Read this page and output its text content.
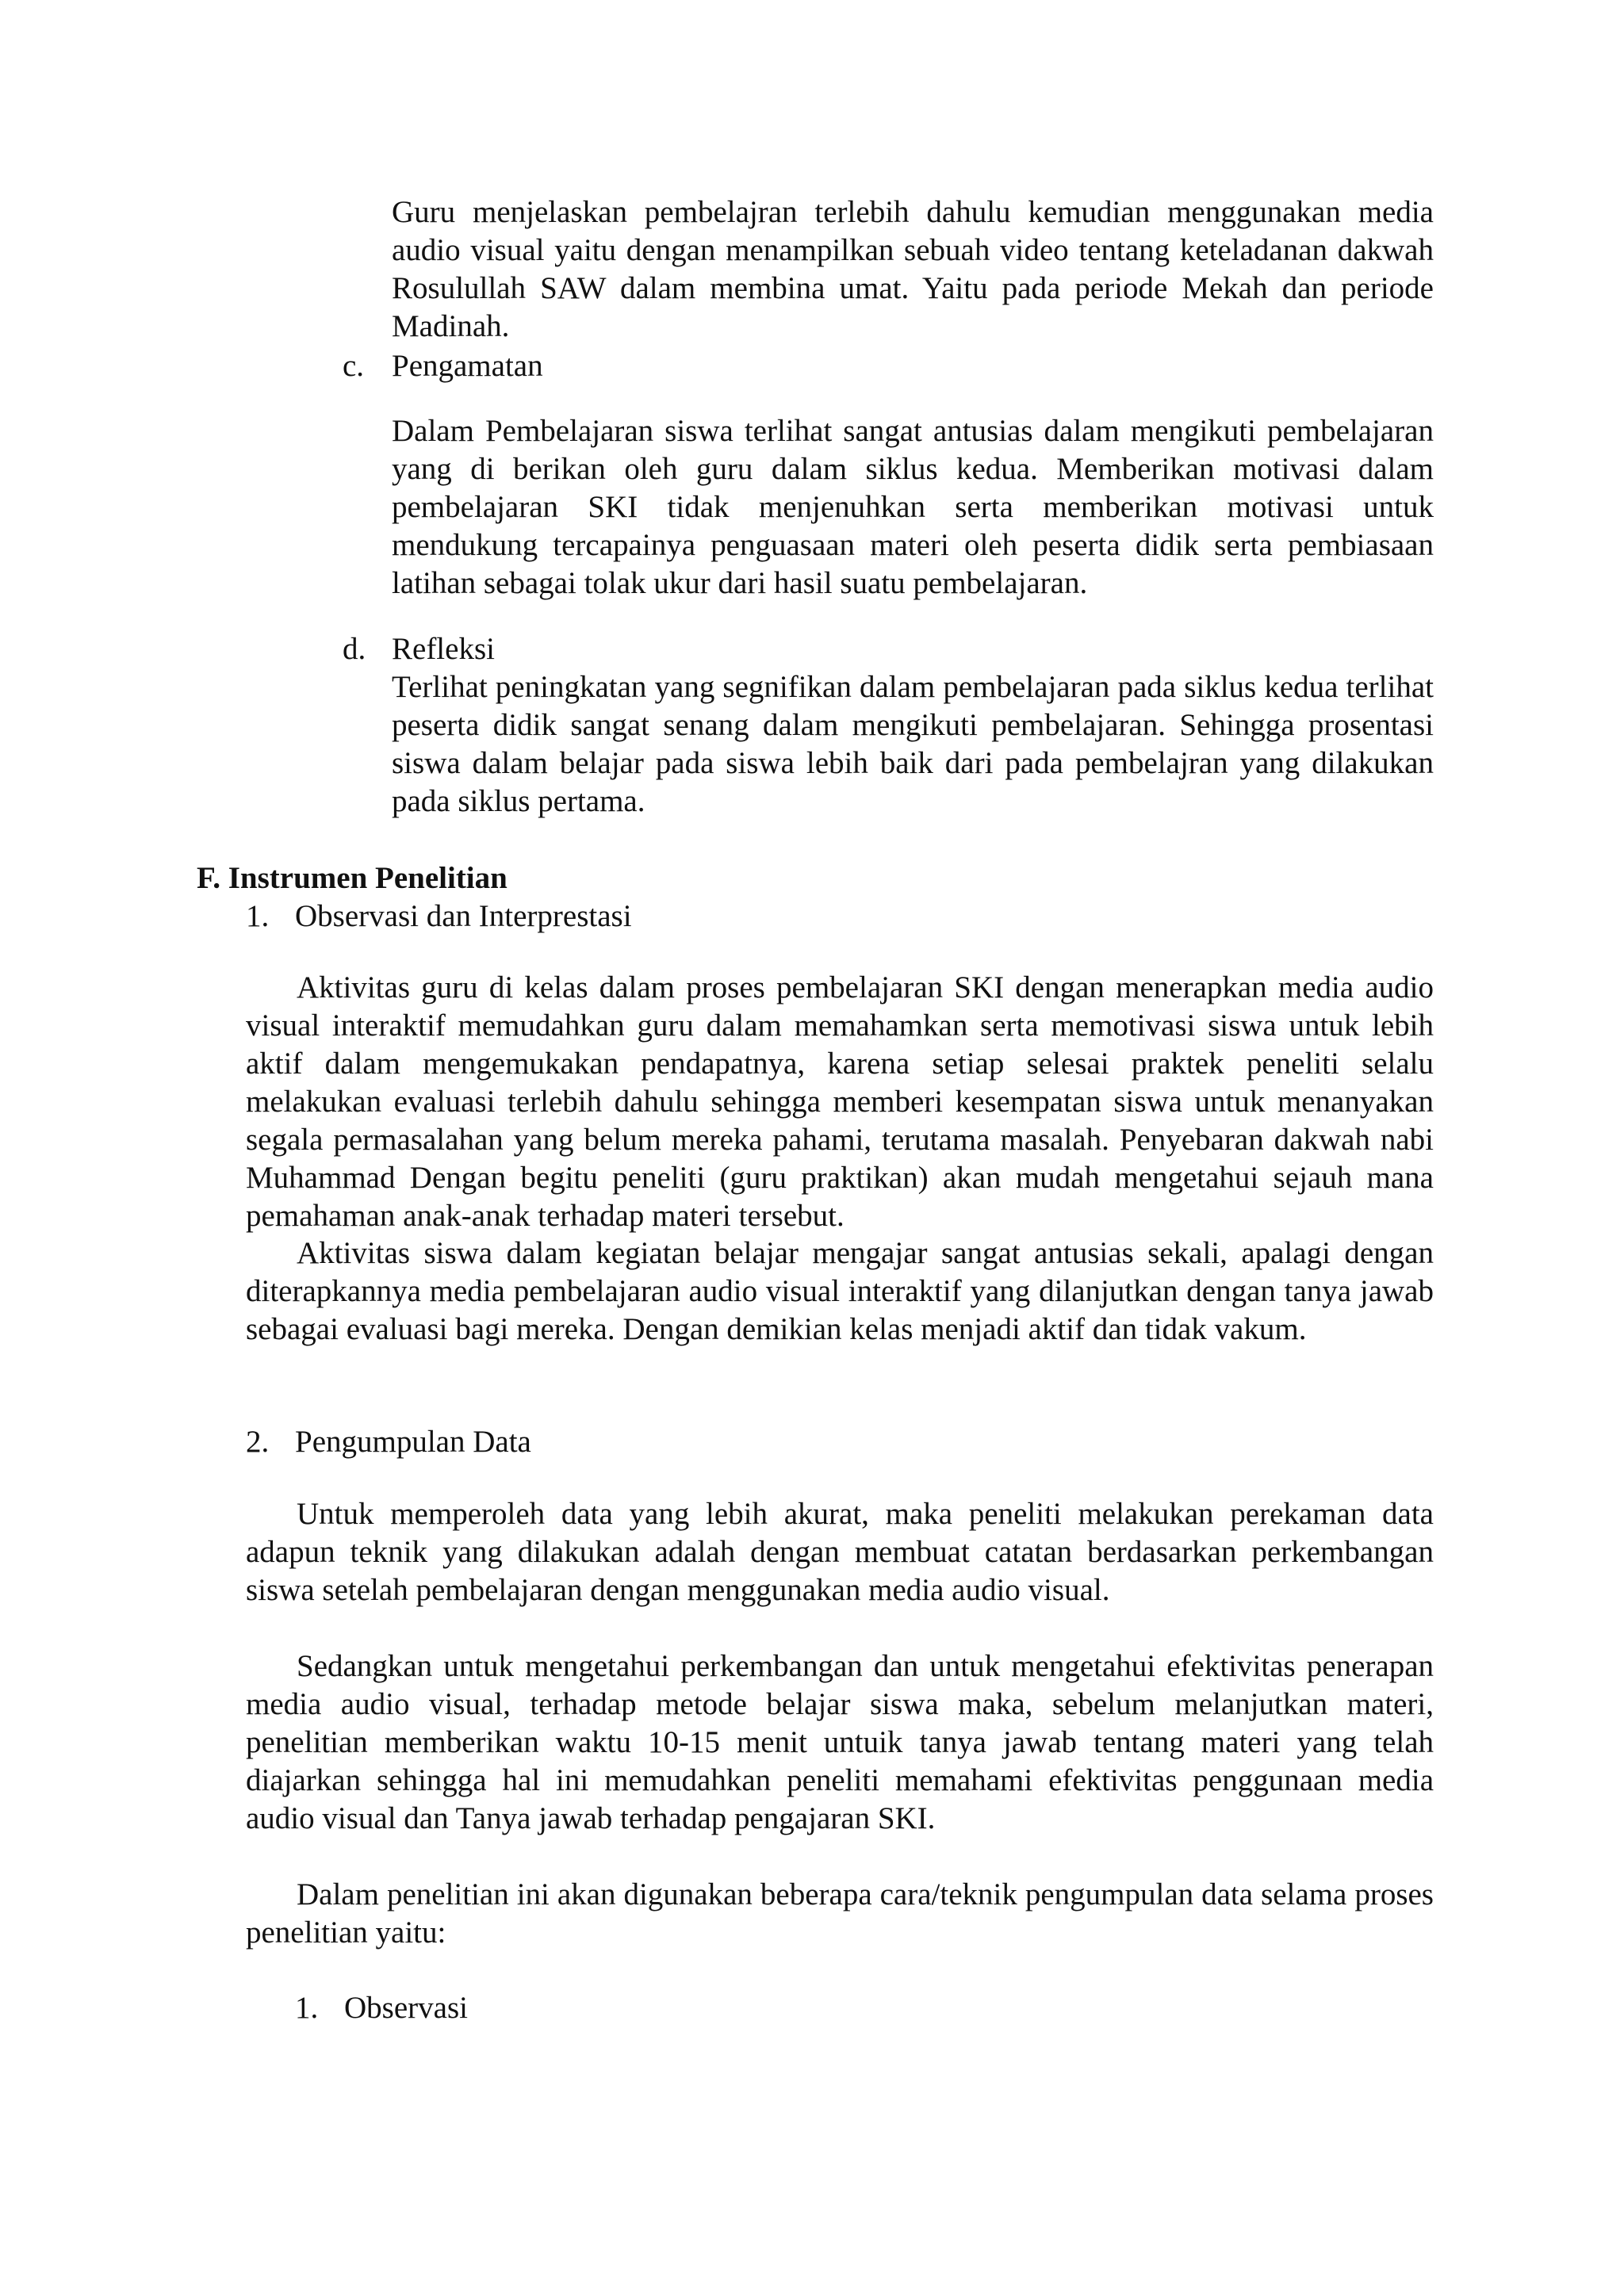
Guru menjelaskan pembelajran terlebih dahulu kemudian menggunakan media audio visual yaitu dengan menampilkan sebuah video tentang keteladanan dakwah Rosulullah SAW dalam membina umat. Yaitu pada periode Mekah dan periode Madinah.

c. Pengamatan

Dalam Pembelajaran siswa terlihat sangat antusias dalam mengikuti pembelajaran yang di berikan oleh guru dalam siklus kedua. Memberikan motivasi dalam pembelajaran SKI tidak menjenuhkan serta memberikan motivasi untuk mendukung tercapainya penguasaan materi oleh peserta didik serta pembiasaan latihan sebagai tolak ukur dari hasil suatu pembelajaran.

d. Refleksi

Terlihat peningkatan yang segnifikan dalam pembelajaran pada siklus kedua terlihat peserta didik sangat senang dalam mengikuti pembelajaran. Sehingga prosentasi siswa dalam belajar pada siswa lebih baik dari pada pembelajran yang dilakukan pada siklus pertama.

F. Instrumen Penelitian
1. Observasi dan Interprestasi

Aktivitas guru di kelas dalam proses pembelajaran SKI dengan menerapkan media audio visual interaktif memudahkan guru dalam memahamkan serta memotivasi siswa untuk lebih aktif dalam mengemukakan pendapatnya, karena setiap selesai praktek peneliti selalu melakukan evaluasi terlebih dahulu sehingga memberi kesempatan siswa untuk menanyakan segala permasalahan yang belum mereka pahami, terutama masalah. Penyebaran dakwah nabi Muhammad Dengan begitu peneliti (guru praktikan) akan mudah mengetahui sejauh mana pemahaman anak-anak terhadap materi tersebut.

Aktivitas siswa dalam kegiatan belajar mengajar sangat antusias sekali, apalagi dengan diterapkannya media pembelajaran audio visual interaktif yang dilanjutkan dengan tanya jawab sebagai evaluasi bagi mereka. Dengan demikian kelas menjadi aktif dan tidak vakum.

2. Pengumpulan Data

Untuk memperoleh data yang lebih akurat, maka peneliti melakukan perekaman data adapun teknik yang dilakukan adalah dengan membuat catatan berdasarkan perkembangan siswa setelah pembelajaran dengan menggunakan media audio visual.

Sedangkan untuk mengetahui perkembangan dan untuk mengetahui efektivitas penerapan media audio visual, terhadap metode belajar siswa maka, sebelum melanjutkan materi, penelitian memberikan waktu 10-15 menit untuik tanya jawab tentang materi yang telah diajarkan sehingga hal ini memudahkan peneliti memahami efektivitas penggunaan media audio visual dan Tanya jawab terhadap pengajaran SKI.

Dalam penelitian ini akan digunakan beberapa cara/teknik pengumpulan data selama proses penelitian yaitu:

1. Observasi
